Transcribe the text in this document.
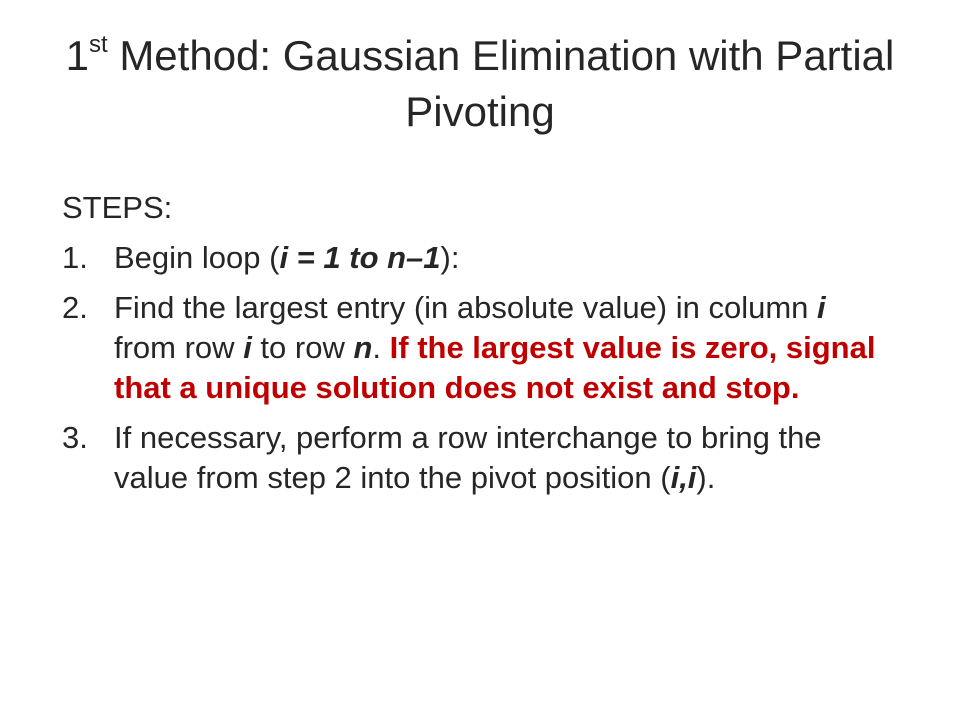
1st Method: Gaussian Elimination with Partial Pivoting
STEPS:
1. Begin loop (i = 1 to n–1):
2. Find the largest entry (in absolute value) in column i from row i to row n. If the largest value is zero, signal that a unique solution does not exist and stop.
3. If necessary, perform a row interchange to bring the value from step 2 into the pivot position (i,i).
